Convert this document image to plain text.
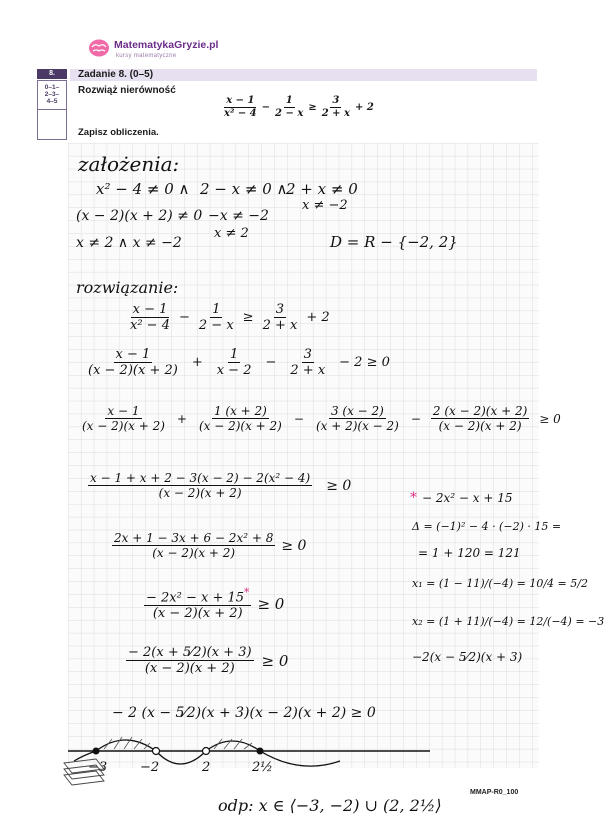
MatematykaGryzie.pl
kursy matematyczne
8.
0–1–
2–3–
4–5
Zadanie 8. (0–5)
Rozwiąż nierówność
$\frac{x - 1}{\text{x² − 4}} - \frac{1}{2 - x} \ge \frac{3}{2 + x} + 2$
Zapisz obliczenia.
założenia:
x² − 4 ≠ 0 ∧ 2 − x ≠ 0 ∧
2 + x ≠ 0
x ≠ −2
(x − 2)(x + 2) ≠ 0 −x ≠ −2
x ≠ 2
x ≠ 2 ∧ x ≠ −2	D = R − {−2, 2}
rozwiązanie:
$\frac{x - 1}{\text{x² − 4}} - \frac{1}{2 - x} \ge \frac{3}{2 + x} + 2$
$\frac{x - 1}{(x - 2)(x + 2)} + \frac{1}{x - 2} - \frac{3}{2 + x} - 2 \ge 0$
$\frac{x - 1}{(x - 2)(x + 2)} + \frac{1 (x + 2)}{(x - 2)(x + 2)} - \frac{3 (x - 2)}{(x + 2)(x - 2)} - \frac{2 (x - 2)(x + 2)}{(x - 2)(x + 2)} \ge 0$
$\frac{\text{x − 1 + x + 2 − 3(x − 2) − 2(x² − 4)}}{(x - 2)(x + 2)} \ge 0$
$\frac{\text{2x + 1 − 3x + 6 − 2x² + 8}}{(x - 2)(x + 2)} \ge 0$
$\frac{- 2x^2 - x + 15^*}{(x - 2)(x + 2)} \ge 0$
$\frac{- 2(x + 5⁄2)(x + 3)}{(x - 2)(x + 2)} \ge 0$
− 2 (x − 5⁄2)(x + 3)(x − 2)(x + 2) ≥ 0
* − 2x² − x + 15
Δ = (−1)² − 4 · (−2) · 15 =
= 1 + 120 = 121
x₁ = (1 − 11)/(−4) = 10/4 = 5/2
x₂ = (1 + 11)/(−4) = 12/(−4) = −3
−2(x − 5⁄2)(x + 3)
−3	−2	2	2½
MMAP-R0_100
odp: x ∈ ⟨−3, −2) ∪ (2, 2½⟩
